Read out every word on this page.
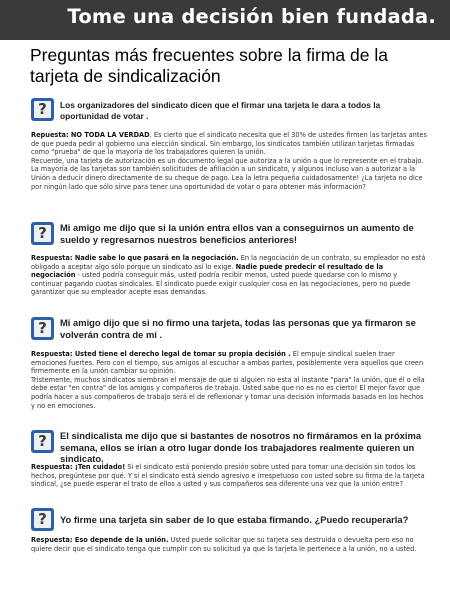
Tome una decisión bien fundada.
Preguntas más frecuentes sobre la firma de la tarjeta de sindicalización
?	Los organizadores del sindicato dicen que el firmar una tarjeta le dara a todos la oportunidad de votar .

Repuesta: NO TODA LA VERDAD. Es cierto que el sindicato necesita que el 30% de ustedes firmen las tarjetas antes de que pueda pedir al gobierno una elección sindical. Sin embargo, los sindicatos también utilizan tarjetas firmadas como "prueba" de que la mayoría de los trabajadores quieren la unión.

Recuerde, una tarjeta de autorización es un documento legal que autoriza a la unión a que lo represente en el trabajo. La mayoría de las tarjetas son también solicitudes de afiliación a un sindicato, y algunos incluso van a autorizar a la Unión a deducir dinero directamente de su cheque de pago. Lea la letra pequeña cuidadosamente! ¿La tarjeta no dice por ningún lado que sólo sirve para tener una oportunidad de votar o para obtener más información?

?	Mi amigo me dijo que si la unión entra ellos van a conseguirnos un aumento de sueldo y regresarnos nuestros beneficios anteriores!

Respuesta: Nadie sabe lo que pasará en la negociación. En la negociación de un contrato, su empleador no está obligado a aceptar algo sólo porque un sindicato así lo exige. Nadie puede predecir el resultado de la negociación - usted podría conseguir más, usted podría recibir menos, usted puede quedarse con lo mismo y continuar pagando cuotas sindicales. El sindicato puede exigir cualquier cosa en las negociaciones, pero no puede garantizar que su empleador acepte esas demandas.

?	Mi amigo dijo que si no firmo una tarjeta, todas las personas que ya firmaron se volverán contra de mí .

Respuesta: Usted tiene el derecho legal de tomar su propia decisión . El empuje sindical suelen traer emociones fuertes. Pero con el tiempo, sus amigos al escuchar a ambas partes, posiblemente vera aquellos que creen firmemente en la unión cambiar su opinión.

Tristemente, muchos sindicatos siembran el mensaje de que si alguien no esta al instante "para" la unión, que él o ella debe estar "en contra" de los amigos y compañeros de trabajo. Usted sabe que no es no es cierto! El mejor favor que podría hacer a sus compañeros de trabajo será el de reflexionar y tomar una decisión informada basada en los hechos y no en emociones.

?	El sindicalista me dijo que si bastantes de nosotros no firmáramos en la próxima semana, ellos se irían a otro lugar donde los trabajadores realmente quieren un sindicato.

Respuesta: ¡Ten cuidado! Si el sindicato está poniendo presión sobre usted para tomar una decisión sin todos los hechos, pregúntese por qué. Y si el sindicato está siendo agresivo e irrespetuoso con usted sobre su firma de la tarjeta sindical, ¿se puede esperar el trato de ellos a usted y sus compañeros sea diferente una vez que la unión entre?

?	Yo firme una tarjeta sin saber de lo que estaba firmando. ¿Puedo recuperarla?

Respuesta: Eso depende de la unión. Usted puede solicitar que su tarjeta sea destruida o devuelta pero eso no quiere decir que el sindicato tenga que cumplir con su solicitud ya que la tarjeta le pertenece a la unión, no a usted.
